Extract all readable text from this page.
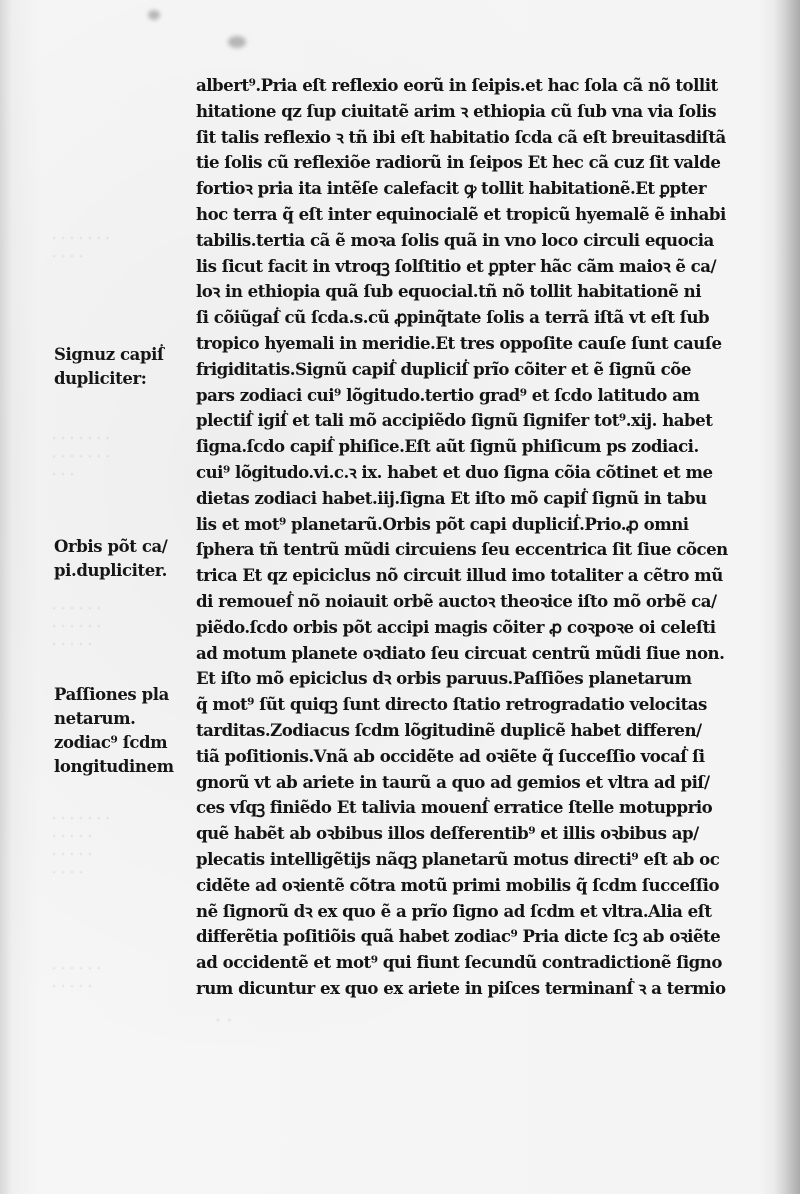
· · · · · · ·
· · · ·
· · · · · · ·
· · · · · · ·
· · ·
· · · · · ·
· · · · · ·
· · · · ·
· · · · · · ·
· · · · ·
· · · · ·
· · · ·
· · · · · ·
· · · · ·
· ·
albert⁹.Pria eſt reflexio eorũ in ſeipis.et hac ſola cã nõ tollit
hitatione qz ſup ciuitatẽ arim ꝛ ethiopia cũ ſub vna via ſolis
ſit talis reflexio ꝛ tñ ibi eſt habitatio ſcda cã eſt breuitasdiſtã
tie ſolis cũ reflexiõe radiorũ in ſeipos Et hec cã cuz ſit valde
fortioꝛ pria ita intẽſe calefacit ꝙ tollit habitationẽ.Et ꝑpter
hoc terra q̃ eſt inter equinocialẽ et tropicũ hyemalẽ ẽ inhabi
tabilis.tertia cã ẽ moꝛa ſolis quã in vno loco circuli equocia
lis ſicut facit in vtroqꝫ ſolſtitio et ꝑpter hãc cãm maioꝛ ẽ ca/
loꝛ in ethiopia quã ſub equocial.tñ nõ tollit habitationẽ ni
ſi cõiũgaẛ cũ ſcda.s.cũ ꝓpinq̃tate ſolis a terrã iſtã vt eſt ſub
tropico hyemali in meridie.Et tres oppoſite cauſe ſunt cauſe
frigiditatis.Signũ capiẛ dupliciẛ prĩo cõiter et ẽ ſignũ cõe
pars zodiaci cui⁹ lõgitudo.tertio grad⁹ et ſcdo latitudo am
plectiẛ igiẛ et tali mõ accipiẽdo ſignũ ſignifer tot⁹.xij. habet
ſigna.ſcdo capiẛ phiſice.Eſt aũt ſignũ phiſicum ps zodiaci.
cui⁹ lõgitudo.vi.c.ꝛ ix. habet et duo ſigna cõia cõtinet et me
dietas zodiaci habet.iij.ſigna Et iſto mõ capiẛ ſignũ in tabu
lis et mot⁹ planetarũ.Orbis põt capi dupliciẛ.Prio.ꝓ omni
ſphera tñ tentrũ mũdi circuiens ſeu eccentrica ſit ſiue cõcen
trica Et qz epiciclus nõ circuit illud imo totaliter a cẽtro mũ
di remoueẛ nõ noiauit orbẽ auctoꝛ theoꝛice iſto mõ orbẽ ca/
piẽdo.ſcdo orbis põt accipi magis cõiter ꝓ coꝛpoꝛe oi celeſti
ad motum planete oꝛdiato ſeu circuat centrũ mũdi ſiue non.
Et iſto mõ epiciclus dꝛ orbis paruus.Paſſiões planetarum
q̃ mot⁹ ſũt quiqꝫ ſunt directo ſtatio retrogradatio velocitas
tarditas.Zodiacus ſcdm lõgitudinẽ duplicẽ habet differen/
tiã poſitionis.Vnã ab occidẽte ad oꝛiẽte q̃ ſucceſſio vocaẛ ſi
gnorũ vt ab ariete in taurũ a quo ad gemios et vltra ad piſ/
ces vſqꝫ finiẽdo Et talivia mouenẛ erratice ſtelle motupprio
quẽ habẽt ab oꝛbibus illos deſferentib⁹ et illis oꝛbibus ap/
plecatis intelligẽtijs nãqꝫ planetarũ motus directi⁹ eſt ab oc
cidẽte ad oꝛientẽ cõtra motũ primi mobilis q̃ ſcdm ſucceſſio
nẽ ſignorũ dꝛ ex quo ẽ a prĩo ſigno ad ſcdm et vltra.Alia eſt
differẽtia poſitiõis quã habet zodiac⁹ Pria dicte ſcꝫ ab oꝛiẽte
ad occidentẽ et mot⁹ qui fiunt ſecundũ contradictionẽ ſigno
rum dicuntur ex quo ex ariete in piſces terminanẛ ꝛ a termio
Signuz capiẛ
dupliciter:
Orbis põt ca/
pi.dupliciter.
Paſſiones pla
netarum.
zodiac⁹ ſcdm
longitudinem
